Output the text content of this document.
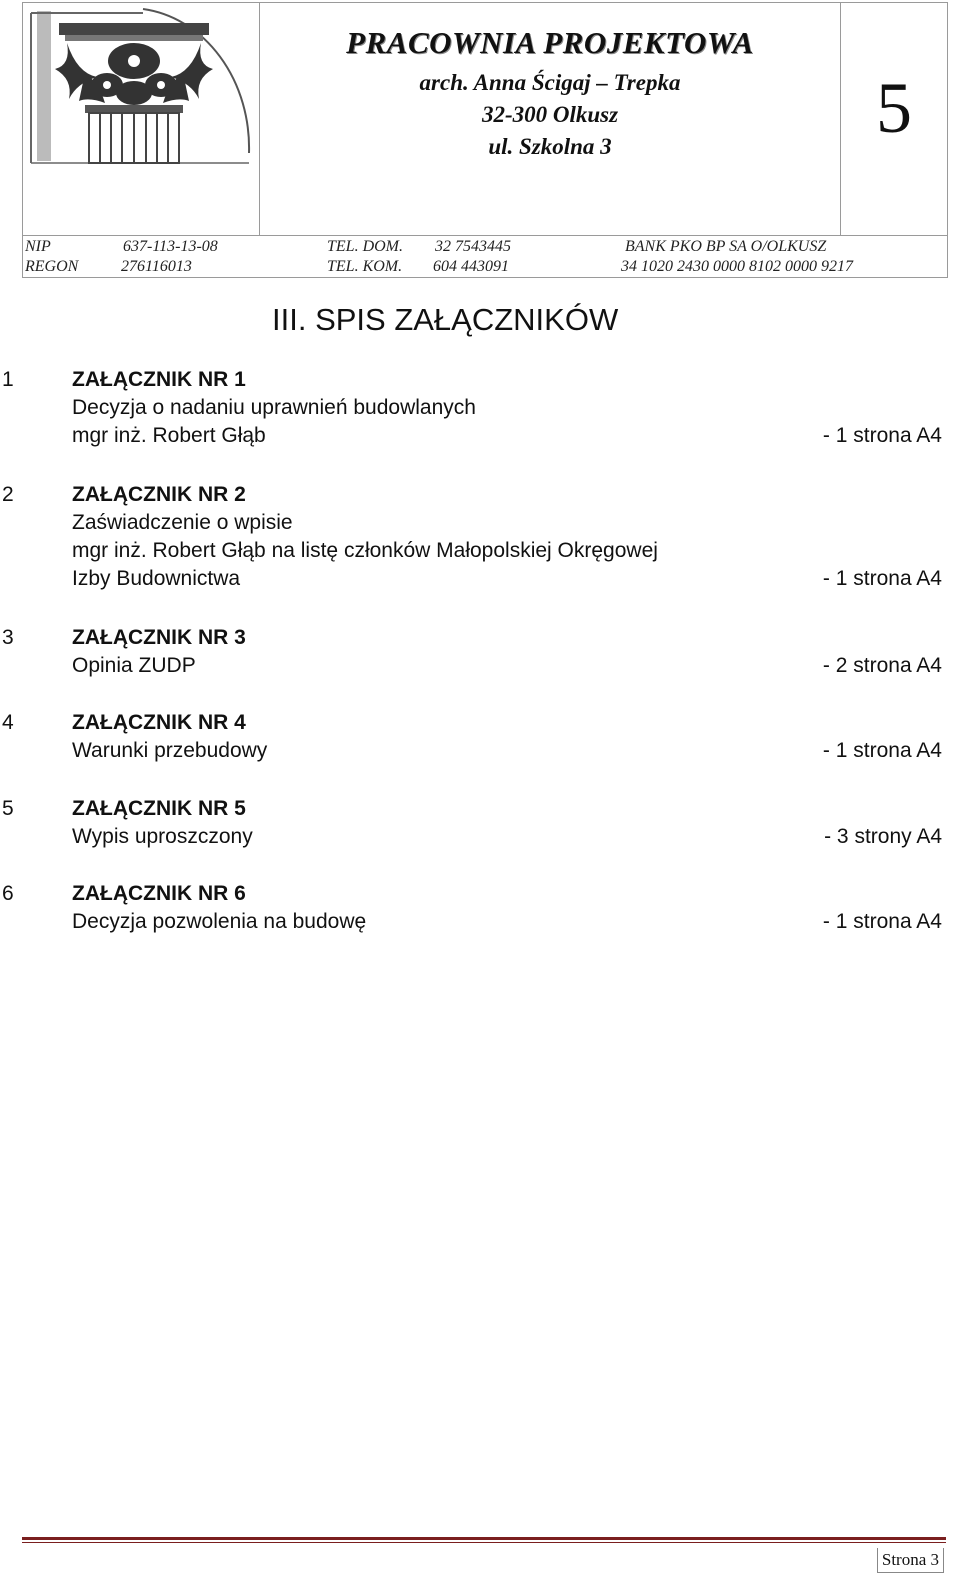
PRACOWNIA PROJEKTOWA
arch. Anna Ścigaj – Trepka
32-300 Olkusz
ul. Szkolna 3	5
NIP	637-113-13-08	TEL. DOM. 32 7543445	BANK PKO BP SA O/OLKUSZ
REGON	276116013	TEL. KOM. 604 443091	34 1020 2430 0000 8102 0000 9217
III. SPIS ZAŁĄCZNIKÓW
1	ZAŁĄCZNIK NR 1
Decyzja o nadaniu uprawnień budowlanych
mgr inż. Robert Głąb	- 1 strona A4
2	ZAŁĄCZNIK NR 2
Zaświadczenie o wpisie
mgr inż. Robert Głąb na listę członków Małopolskiej Okręgowej
Izby Budownictwa	- 1 strona A4
3	ZAŁĄCZNIK NR 3
Opinia ZUDP	- 2 strona A4
4	ZAŁĄCZNIK NR 4
Warunki przebudowy	- 1 strona A4
5	ZAŁĄCZNIK NR 5
Wypis uproszczony	- 3 strony A4
6	ZAŁĄCZNIK NR 6
Decyzja pozwolenia na budowę	- 1 strona A4
Strona 3
